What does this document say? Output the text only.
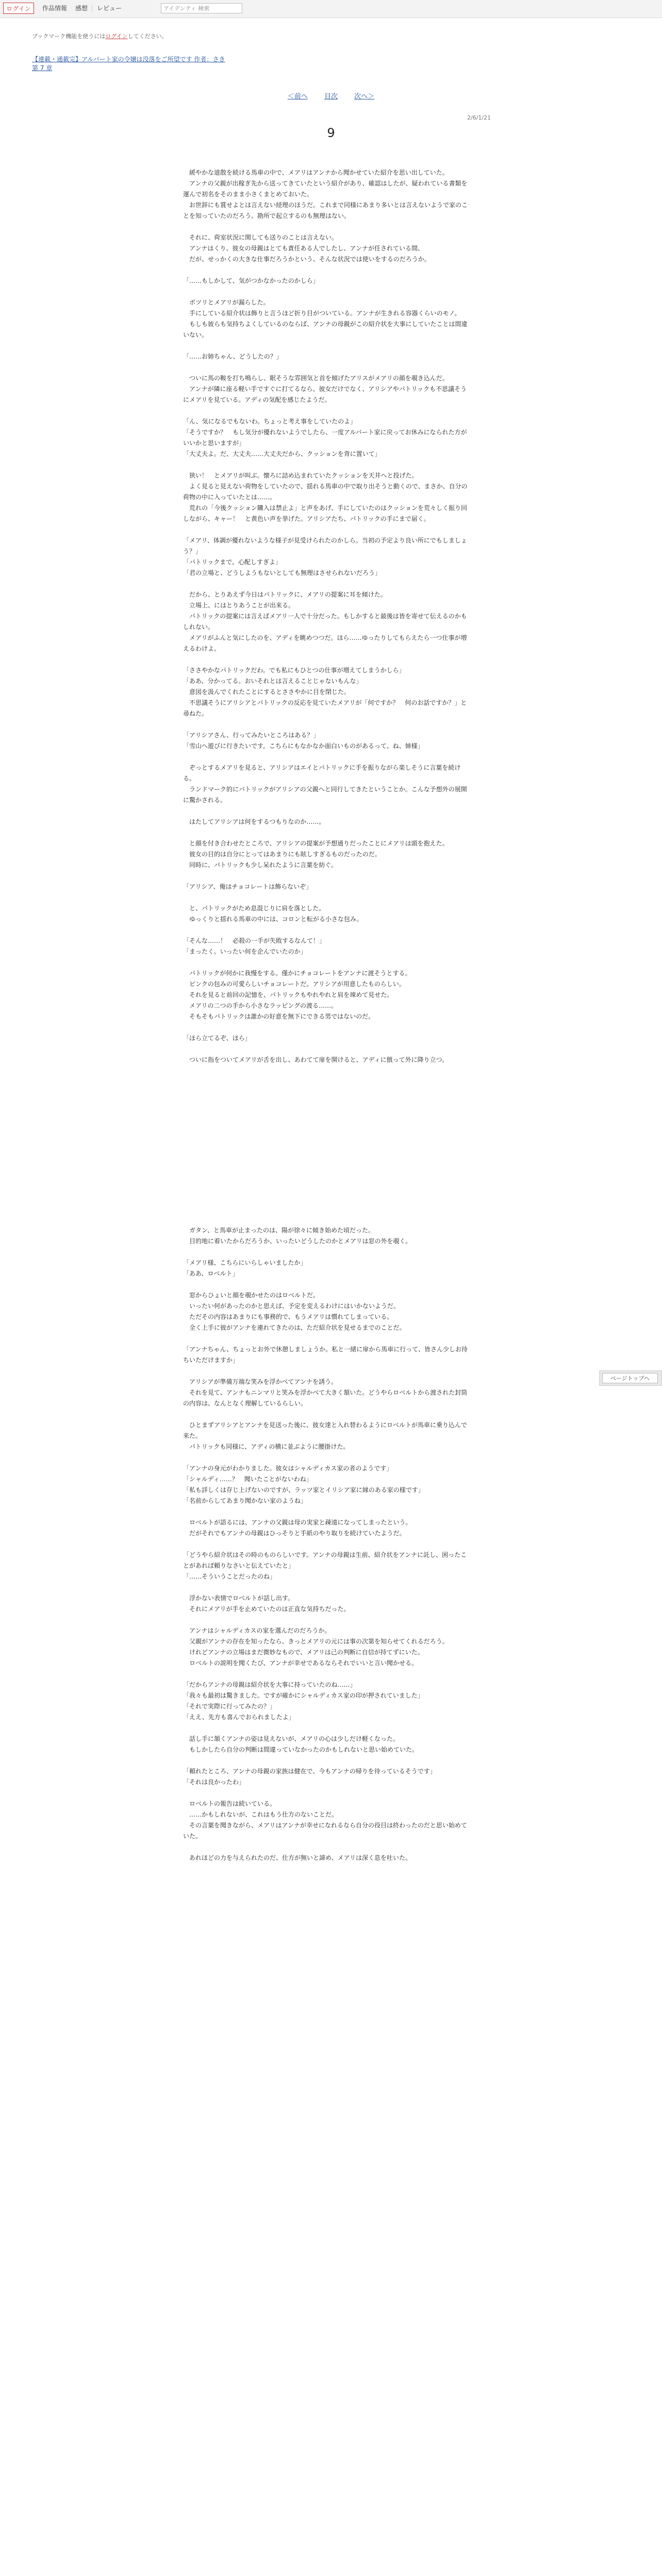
ログイン	作品情報 感想 レビュー
アイデンティ 検索
ブックマーク機能を使うにはログインしてください。
【連載・通載完】アルバート家の令嬢は没落をご所望です 作者：さき
第 7 章
＜前へ 目次 次へ＞
2/6/1/21
9

　緩やかな道散を続ける馬車の中で、メアリはアンナから聞かせていた紹介を思い出していた。

　アンナの父親が出稼ぎ先から送ってきていたという紹介があり、確認はしたが、疑われている書類を運んで初名をそのまま小さくまとめておいた。

　お世辞にも賞せよとは言えない経理のほうだ。これまで同様にあまり多いとは言えないようで家のことを知っていたのだろう。勘所で起立するのも無理はない。

　それに、荷室状況に関しても送りのことは言えない。

　アンナはくり、彼女の母親はとても責任ある人でしたし、アンナが任されている間、

　だが、せっかくの大きな仕事だろうかという、そんな状況では使いをするのだろうか。

「……もしかして、気がつかなかったのかしら」

　ボツリとメアリが漏らした。

　手にしている紹介状は飾りと言うほど折り目がついている。アンナが生きれる容器くらいのモノ。

　もしも彼らも気持ちよくしているのならば、アンナの母親がこの紹介状を大事にしていたことは間違いない。

「……お姉ちゃん、どうしたの？」

　ついに馬の鞍を打ち鳴らし、眠そうな雰囲気と首を傾げたアリスがメアリの顔を覗き込んだ。

　アンナが隣に座る軽い手ですぐに打てるなら、彼女だけでなく、アリシアやパトリックも不思議そうにメアリを見ている。アディの気配を感じたようだ。

「ん、気になるでもないわ。ちょっと考え事をしていたのよ」

「そうですか？　もし気分が優れないようでしたら、一度アルバート家に戻ってお休みになられた方がいいかと思いますが」

「大丈夫よ。だ、大丈夫……大丈夫だから、クッションを背に置いて」

　狭い！　とメアリが叫ぶ。懐ろに詰め込まれていたクッションを天井へと投げた。

　よく見ると見えない荷物をしていたので、揺れる馬車の中で取り出そうと動くので、まさか、自分の荷物の中に入っていたとは……。

　荒れの「今後クッション購入は禁止よ」と声をあげ、手にしていたのはクッションを荒々しく振り回しながら、キャー！　と黄色い声を挙げた。アリシアたち、パトリックの手にまで届く。

「メアリ、体調が優れないような様子が見受けられたのかしら。当初の予定より良い所にでもしましょう？」

「パトリックまで。心配しすぎよ」

「君の立場と、どうしようもないとしても無理はさせられないだろう」

　だから、とりあえず今日はパトリックに、メアリの提案に耳を傾けた。

　立場上、にはとりあうことが出来る。

　パトリックの提案には言えばメアリ一人で十分だった。もしかすると最後は皆を寄せて伝えるのかもしれない。

　メアリがふんと気にしたのを、アディを眺めつつだ。ほら……ゆったりしてもらえたら一つ仕事が増えるわけよ。

「ささやかなパトリックだわ。でも私にもひとつの仕事が増えてしまうかしら」

「ああ、分かってる。おいそれとは言えることじゃないもんな」

　意図を汲んでくれたことにするとささやかに目を閉じた。

　不思議そうにアリシアとパトリックの反応を見ていたメアリが「何ですか？　何のお話ですか？」と尋ねた。

「アリシアさん、行ってみたいところはある？」

「雪山へ遊びに行きたいです。こちらにもなかなか面白いものがあるって、ね、姉様」

　ぞっとするメアリを見ると、アリシアはエイとパトリックに手を振りながら楽しそうに言葉を続ける。

　ランドマーク的にパトリックがアリシアの父親へと同行してきたということか。こんな予想外の展開に驚かされる。

　はたしてアリシアは何をするつもりなのか……。

　と顔を付き合わせたところで、アリシアの提案が予想通りだったことにメアリは頭を抱えた。

　彼女の目的は自分にとってはあまりにも眩しすぎるものだったのだ。

　同時に、パトリックも少し呆れたように言葉を紡ぐ。

「アリシア、俺はチョコレートは飾らないぞ」

　と、パトリックがため息混じりに肩を落とした。

　ゆっくりと揺れる馬車の中には、コロンと転がる小さな包み。

「そんな……！　必殺の一手が失敗するなんて！」

「まったく。いったい何を企んでいたのか」

　パトリックが何かに我慢をする。僅かにチョコレートをアンナに渡そうとする。

　ピンクの包みの可愛らしいチョコレートだ。アリシアが用意したものらしい。

　それを見ると前回の記憶を、パトリックもやれやれと肩を竦めて見せた。

　メアリの二つの手から小さなラッピングの渡る……。

　そもそもパトリックは誰かの好意を無下にできる男ではないのだ。

「ほら立てるぞ、ほら」

　ついに指をついてメアリが舌を出し、あわてて扉を開けると、アディに倣って外に降り立つ。

　ガタン、と馬車が止まったのは、陽が徐々に傾き始めた頃だった。

　目的地に着いたからだろうか、いったいどうしたのかとメアリは窓の外を覗く。

「メアリ様、こちらにいらしゃいましたか」

「ああ、ロベルト」

　窓からひょいと顔を覗かせたのはロベルトだ。

　いったい何があったのかと思えば、予定を変えるわけにはいかないようだ。

　ただその内容はあまりにも事務的で、もうメアリは慣れてしまっている。

　全く上手に彼がアンナを連れてきたのは、ただ紹介状を見せるまでのことだ。

「アンナちゃん、ちょっとお外で休憩しましょうか。私と一緒に扉から馬車に行って、皆さん少しお待ちいただけますか」

　アリシアが準備万端な笑みを浮かべてアンナを誘う。

　それを見て、アンナもニンマリと笑みを浮かべて大きく頷いた。どうやらロベルトから渡された封筒の内容は、なんとなく理解しているらしい。

　ひとまずアリシアとアンナを見送った後に、彼女達と入れ替わるようにロベルトが馬車に乗り込んで来た。

　パトリックも同様に、アディの横に並ぶように腰掛けた。

「アンナの身元がわかりました。彼女はシャルディカス家の者のようです」

「シャルディ……？　聞いたことがないわね」

「私も詳しくは存じ上げないのですが、ラッツ家とイリシア家に縁のある家の様です」

「名前からしてあまり聞かない家のようね」

　ロベルトが語るには、アンナの父親は母の実家と疎遠になってしまったという。

　だがそれでもアンナの母親はひっそりと手紙のやり取りを続けていたようだ。

「どうやら紹介状はその時のものらしいです。アンナの母親は生前、紹介状をアンナに託し、困ったことがあれば頼りなさいと伝えていたと」

「……そういうことだったのね」

　浮かない表情でロベルトが話し出す。

　それにメアリが手を止めていたのは正直な気持ちだった。

　アンナはシャルディカスの家を選んだのだろうか。

　父親がアンナの存在を知ったなら、きっとメアリの元には事の次第を知らせてくれるだろう。

　けれどアンナの立場はまだ微妙なもので、メアリは己の判断に自信が持てずにいた。

　ロベルトの説明を聞くたび、アンナが幸せであるならそれでいいと言い聞かせる。

「だからアンナの母親は紹介状を大事に持っていたのね……」

「我々も最初は驚きました。ですが確かにシャルディカス家の印が押されていました」

「それで実際に行ってみたの？」

「ええ、先方も喜んでおられましたよ」

　話し手に頷くアンナの姿は見えないが、メアリの心は少しだけ軽くなった。

　もしかしたら自分の判断は間違っていなかったのかもしれないと思い始めていた。

「頼れたところ、アンナの母親の家族は健在で、今もアンナの帰りを待っているそうです」

「それは良かったわ」

　ロベルトの報告は続いている。

　……かもしれないが、これはもう仕方のないことだ。

　その言葉を聞きながら、メアリはアンナが幸せになれるなら自分の役目は終わったのだと思い始めていた。

　あれほどの力を与えられたのだ、仕方が無いと諦め、メアリは深く息を吐いた。

ページトップへ
